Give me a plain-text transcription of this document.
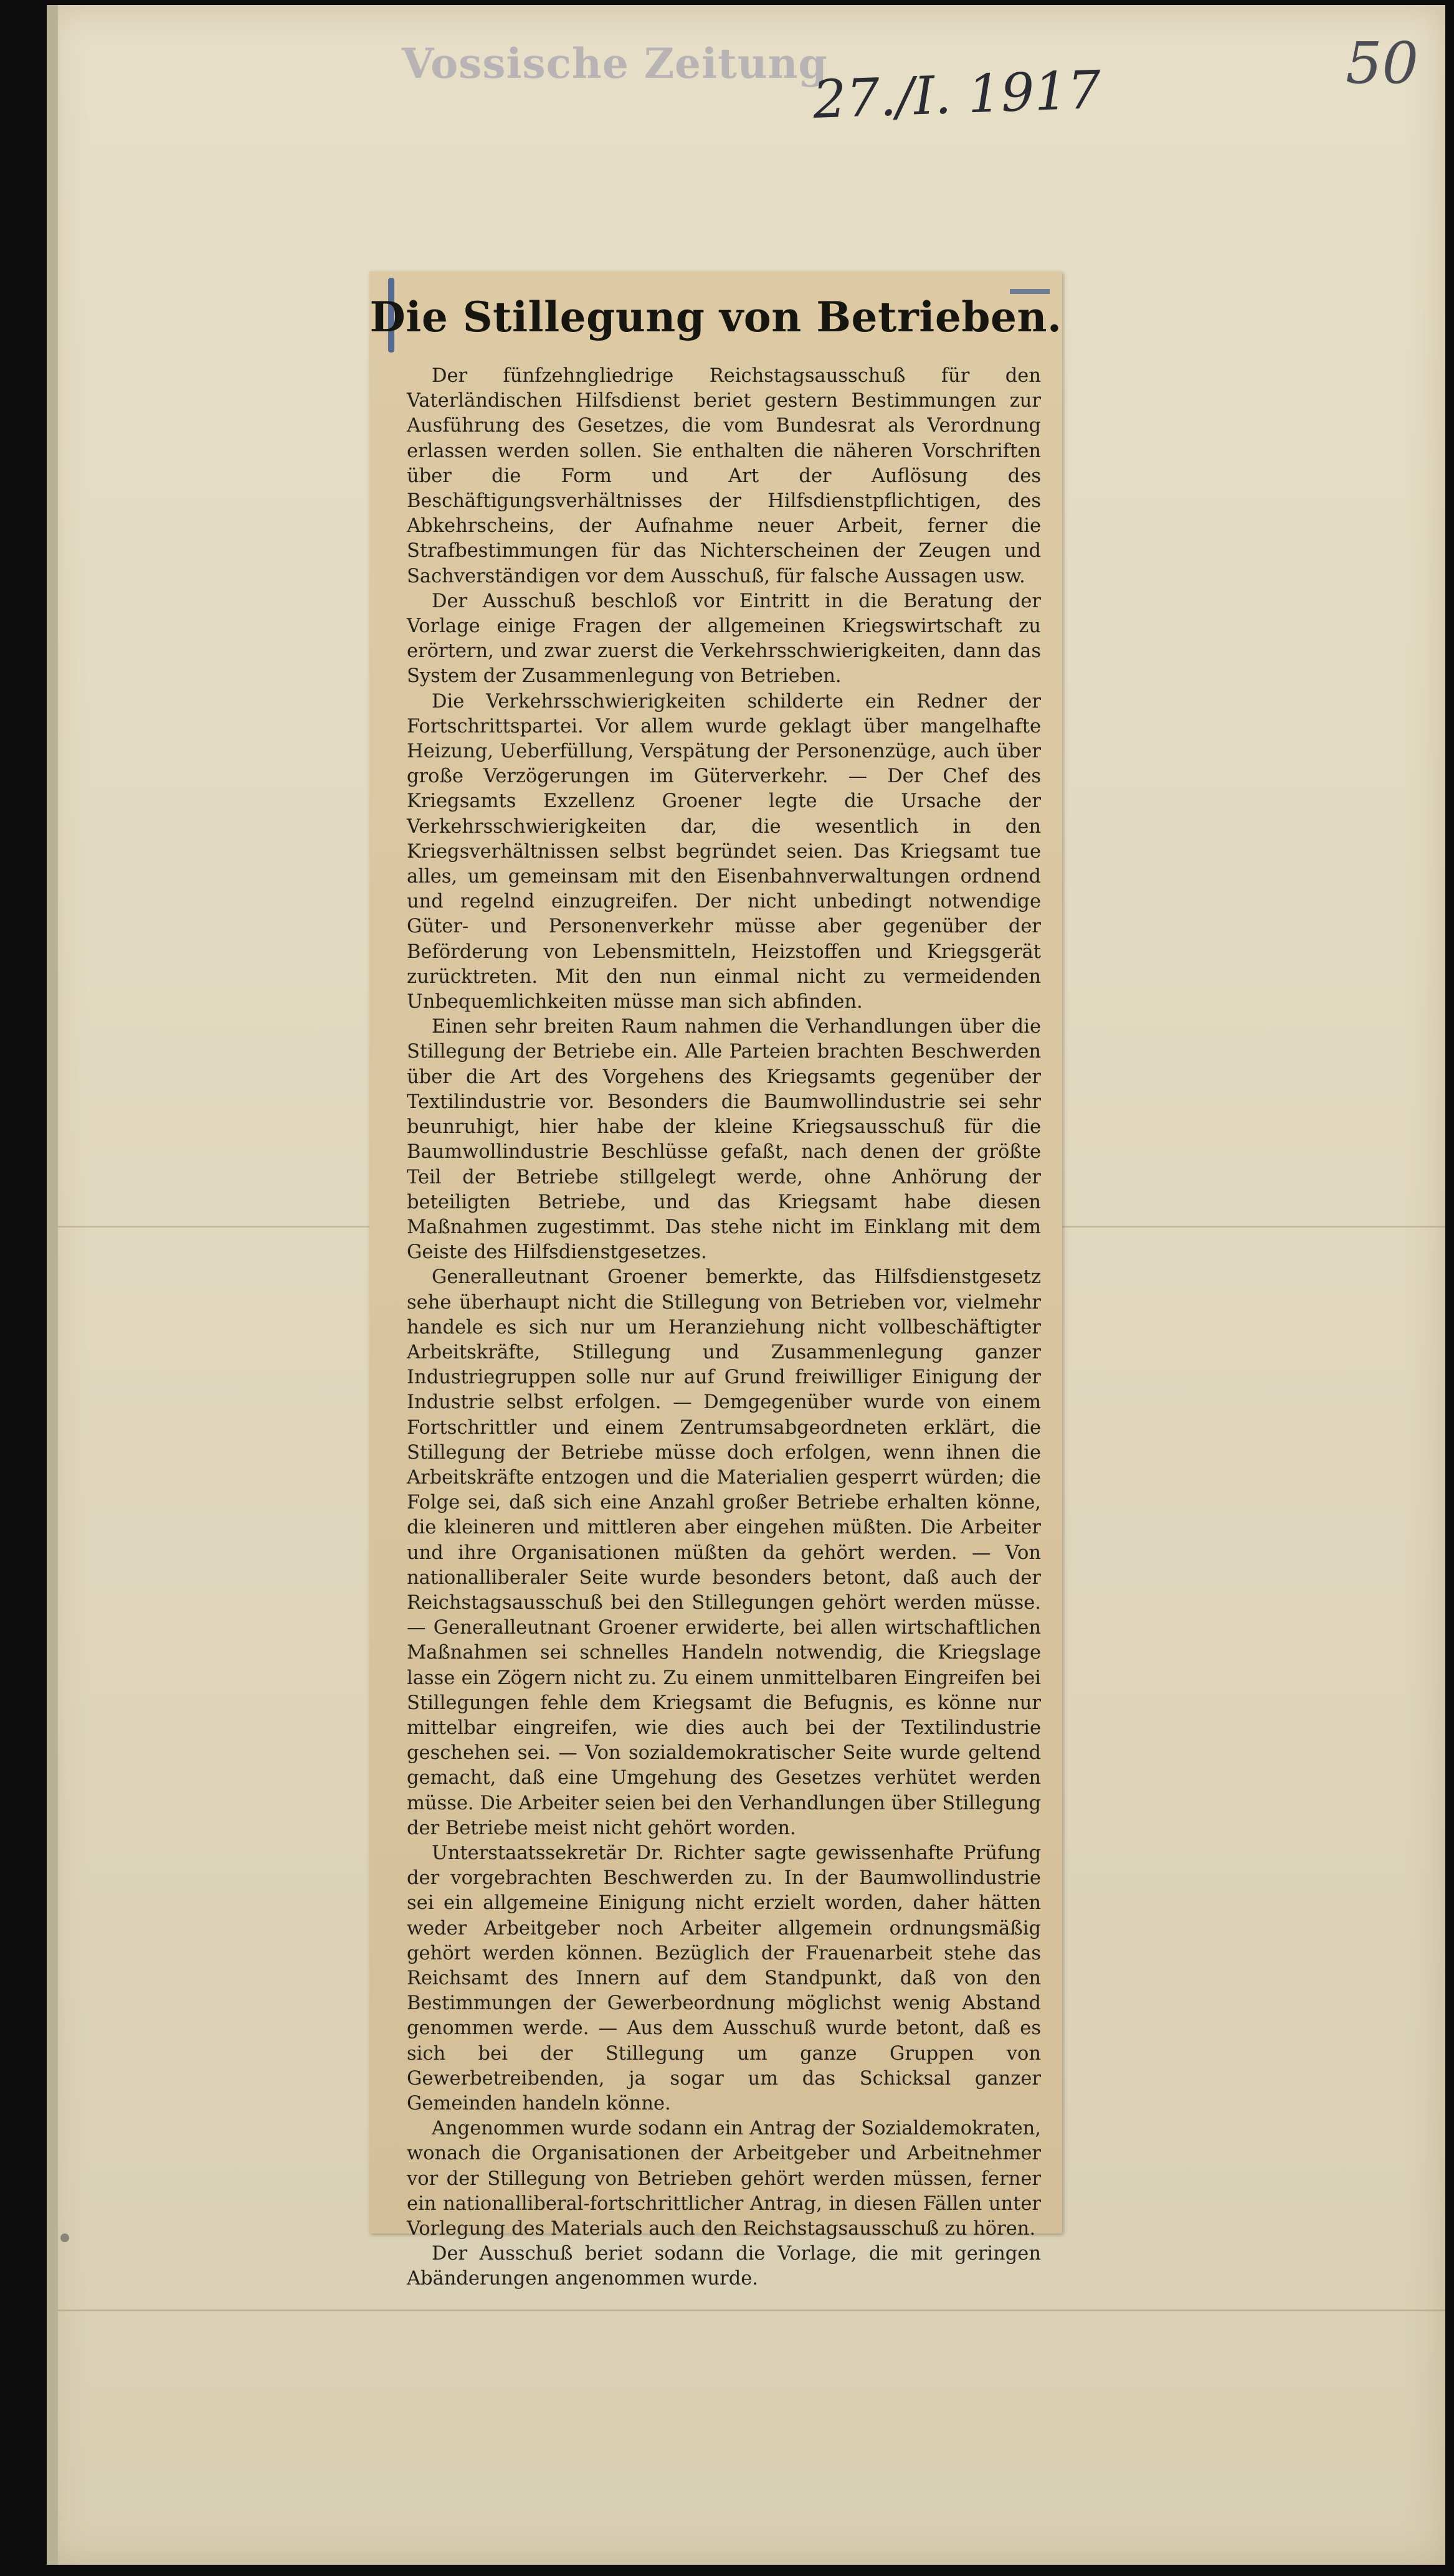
Vossische Zeitung
27./I. 1917	50
Die Stillegung von Betrieben.

Der fünfzehngliedrige Reichstagsausschuß für den Vaterländischen Hilfsdienst beriet gestern Bestimmungen zur Ausführung des Gesetzes, die vom Bundesrat als Verordnung erlassen werden sollen. Sie enthalten die näheren Vorschriften über die Form und Art der Auflösung des Beschäftigungsverhältnisses der Hilfsdienstpflichtigen, des Abkehrscheins, der Aufnahme neuer Arbeit, ferner die Strafbestimmungen für das Nichterscheinen der Zeugen und Sachverständigen vor dem Ausschuß, für falsche Aussagen usw.

Der Ausschuß beschloß vor Eintritt in die Beratung der Vorlage einige Fragen der allgemeinen Kriegswirtschaft zu erörtern, und zwar zuerst die Verkehrsschwierigkeiten, dann das System der Zusammenlegung von Betrieben.

Die Verkehrsschwierigkeiten schilderte ein Redner der Fortschrittspartei. Vor allem wurde geklagt über mangelhafte Heizung, Ueberfüllung, Verspätung der Personenzüge, auch über große Verzögerungen im Güterverkehr. — Der Chef des Kriegsamts Exzellenz Groener legte die Ursache der Verkehrsschwierigkeiten dar, die wesentlich in den Kriegsverhältnissen selbst begründet seien. Das Kriegsamt tue alles, um gemeinsam mit den Eisenbahnverwaltungen ordnend und regelnd einzugreifen. Der nicht unbedingt notwendige Güter- und Personenverkehr müsse aber gegenüber der Beförderung von Lebensmitteln, Heizstoffen und Kriegsgerät zurücktreten. Mit den nun einmal nicht zu vermeidenden Unbequemlichkeiten müsse man sich abfinden.

Einen sehr breiten Raum nahmen die Verhandlungen über die Stillegung der Betriebe ein. Alle Parteien brachten Beschwerden über die Art des Vorgehens des Kriegsamts gegenüber der Textilindustrie vor. Besonders die Baumwollindustrie sei sehr beunruhigt, hier habe der kleine Kriegsausschuß für die Baumwollindustrie Beschlüsse gefaßt, nach denen der größte Teil der Betriebe stillgelegt werde, ohne Anhörung der beteiligten Betriebe, und das Kriegsamt habe diesen Maßnahmen zugestimmt. Das stehe nicht im Einklang mit dem Geiste des Hilfsdienstgesetzes.

Generalleutnant Groener bemerkte, das Hilfsdienstgesetz sehe überhaupt nicht die Stillegung von Betrieben vor, vielmehr handele es sich nur um Heranziehung nicht vollbeschäftigter Arbeitskräfte, Stillegung und Zusammenlegung ganzer Industriegruppen solle nur auf Grund freiwilliger Einigung der Industrie selbst erfolgen. — Demgegenüber wurde von einem Fortschrittler und einem Zentrumsabgeordneten erklärt, die Stillegung der Betriebe müsse doch erfolgen, wenn ihnen die Arbeitskräfte entzogen und die Materialien gesperrt würden; die Folge sei, daß sich eine Anzahl großer Betriebe erhalten könne, die kleineren und mittleren aber eingehen müßten. Die Arbeiter und ihre Organisationen müßten da gehört werden. — Von nationalliberaler Seite wurde besonders betont, daß auch der Reichstagsausschuß bei den Stillegungen gehört werden müsse. — Generalleutnant Groener erwiderte, bei allen wirtschaftlichen Maßnahmen sei schnelles Handeln notwendig, die Kriegslage lasse ein Zögern nicht zu. Zu einem unmittelbaren Eingreifen bei Stillegungen fehle dem Kriegsamt die Befugnis, es könne nur mittelbar eingreifen, wie dies auch bei der Textilindustrie geschehen sei. — Von sozialdemokratischer Seite wurde geltend gemacht, daß eine Umgehung des Gesetzes verhütet werden müsse. Die Arbeiter seien bei den Verhandlungen über Stillegung der Betriebe meist nicht gehört worden.

Unterstaatssekretär Dr. Richter sagte gewissenhafte Prüfung der vorgebrachten Beschwerden zu. In der Baumwollindustrie sei ein allgemeine Einigung nicht erzielt worden, daher hätten weder Arbeitgeber noch Arbeiter allgemein ordnungsmäßig gehört werden können. Bezüglich der Frauenarbeit stehe das Reichsamt des Innern auf dem Standpunkt, daß von den Bestimmungen der Gewerbeordnung möglichst wenig Abstand genommen werde. — Aus dem Ausschuß wurde betont, daß es sich bei der Stillegung um ganze Gruppen von Gewerbetreibenden, ja sogar um das Schicksal ganzer Gemeinden handeln könne.

Angenommen wurde sodann ein Antrag der Sozialdemokraten, wonach die Organisationen der Arbeitgeber und Arbeitnehmer vor der Stillegung von Betrieben gehört werden müssen, ferner ein nationalliberal-fortschrittlicher Antrag, in diesen Fällen unter Vorlegung des Materials auch den Reichstagsausschuß zu hören.

Der Ausschuß beriet sodann die Vorlage, die mit geringen Abänderungen angenommen wurde.
